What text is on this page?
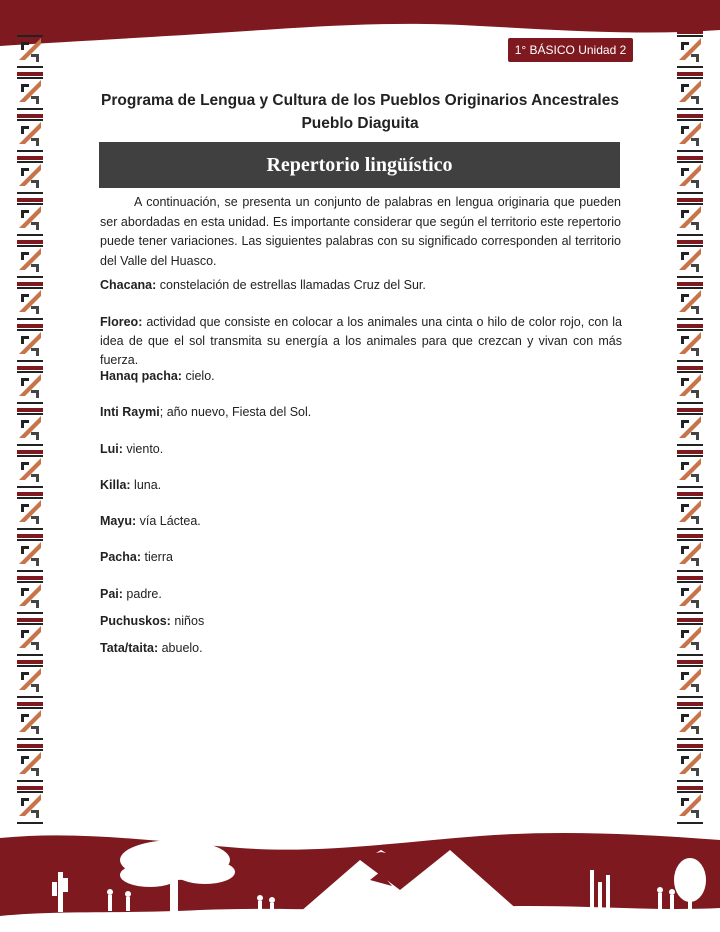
1° BÁSICO Unidad 2
Programa de Lengua y Cultura de los Pueblos Originarios Ancestrales
Pueblo Diaguita
Repertorio lingüístico
A continuación, se presenta un conjunto de palabras en lengua originaria que pueden ser abordadas en esta unidad. Es importante considerar que según el territorio este repertorio puede tener variaciones. Las siguientes palabras con su significado corresponden al territorio del Valle del Huasco.
Chacana: constelación de estrellas llamadas Cruz del Sur.
Floreo: actividad que consiste en colocar a los animales una cinta o hilo de color rojo, con la idea de que el sol transmita su energía a los animales para que crezcan y vivan con más fuerza.
Hanaq pacha: cielo.
Inti Raymi; año nuevo, Fiesta del Sol.
Lui: viento.
Killa: luna.
Mayu: vía Láctea.
Pacha: tierra
Pai: padre.
Puchuskos: niños
Tata/taita: abuelo.
